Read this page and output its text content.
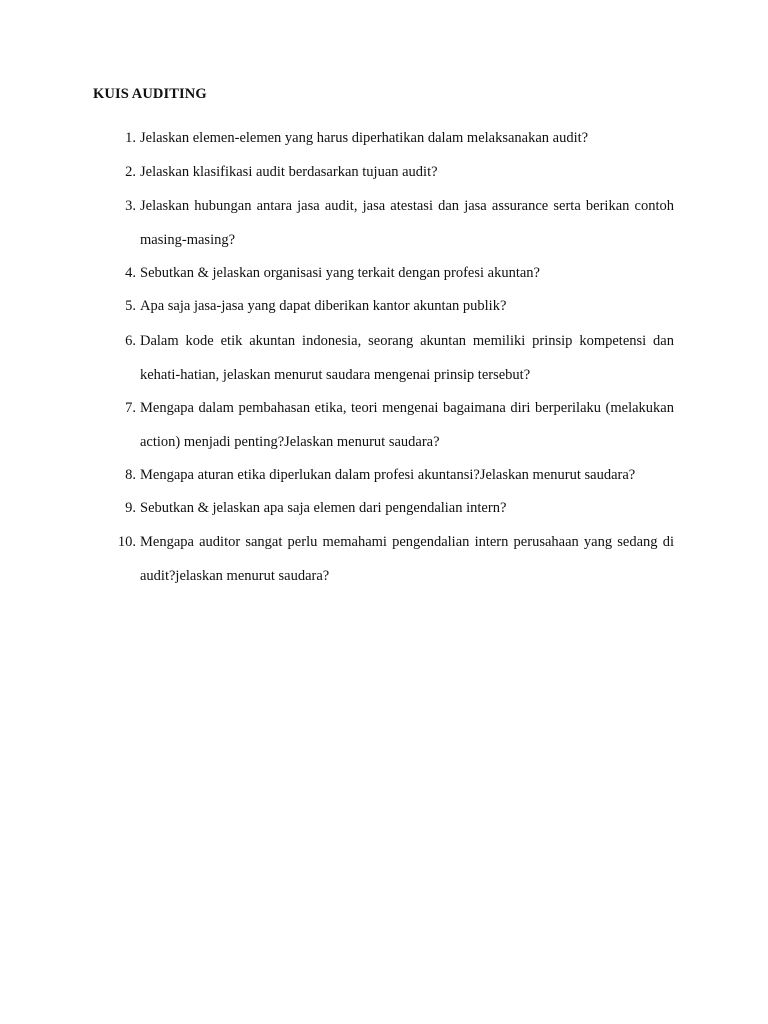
KUIS AUDITING
1. Jelaskan elemen-elemen yang harus diperhatikan dalam melaksanakan audit?

2. Jelaskan klasifikasi audit berdasarkan tujuan audit?

3. Jelaskan hubungan antara jasa audit, jasa atestasi dan jasa assurance serta berikan contoh masing-masing?

4. Sebutkan & jelaskan organisasi yang terkait dengan profesi akuntan?

5. Apa saja jasa-jasa yang dapat diberikan kantor akuntan publik?

6. Dalam kode etik akuntan indonesia, seorang akuntan memiliki prinsip kompetensi dan kehati-hatian, jelaskan menurut saudara mengenai prinsip tersebut?

7. Mengapa dalam pembahasan etika, teori mengenai bagaimana diri berperilaku (melakukan action) menjadi penting?Jelaskan menurut saudara?

8. Mengapa aturan etika diperlukan dalam profesi akuntansi?Jelaskan menurut saudara?

9. Sebutkan & jelaskan apa saja elemen dari pengendalian intern?

10. Mengapa auditor sangat perlu memahami pengendalian intern perusahaan yang sedang di audit?jelaskan menurut saudara?
